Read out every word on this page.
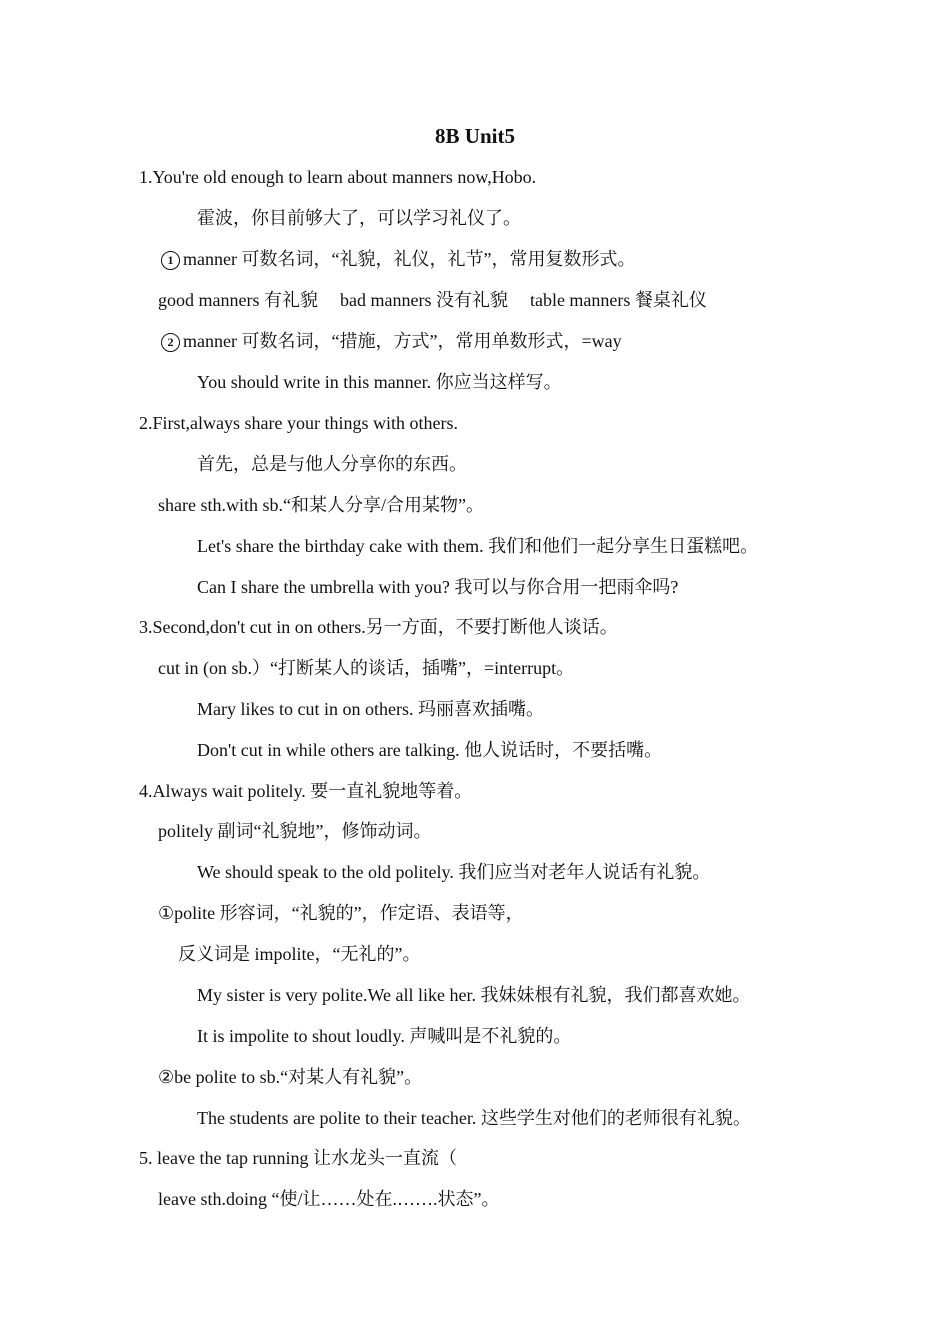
8B Unit5
1.You're old enough to learn about manners now,Hobo.
霍波，你目前够大了，可以学习礼仪了。
1 manner 可数名词，“礼貌，礼仪，礼节”，常用复数形式。
good manners 有礼貌 bad manners 没有礼貌 table manners 餐桌礼仪
2 manner 可数名词，“措施，方式”，常用单数形式，=way
You should write in this manner. 你应当这样写。
2.First,always share your things with others.
首先，总是与他人分享你的东西。
share sth.with sb.“和某人分享/合用某物”。
Let's share the birthday cake with them. 我们和他们一起分享生日蛋糕吧。
Can I share the umbrella with you? 我可以与你合用一把雨伞吗?
3.Second,don't cut in on others.另一方面，不要打断他人谈话。
cut in (on sb.）“打断某人的谈话，插嘴”，=interrupt。
Mary likes to cut in on others. 玛丽喜欢插嘴。
Don't cut in while others are talking. 他人说话时，不要括嘴。
4.Always wait politely. 要一直礼貌地等着。
politely 副词“礼貌地”，修饰动词。
We should speak to the old politely. 我们应当对老年人说话有礼貌。
①polite 形容词，“礼貌的”，作定语、表语等，
反义词是 impolite，“无礼的”。
My sister is very polite.We all like her. 我妹妹根有礼貌，我们都喜欢她。
It is impolite to shout loudly. 声喊叫是不礼貌的。
②be polite to sb.“对某人有礼貌”。
The students are polite to their teacher. 这些学生对他们的老师很有礼貌。
5. leave the tap running 让水龙头一直流（
leave sth.doing “使/让……处在.…….状态”。
